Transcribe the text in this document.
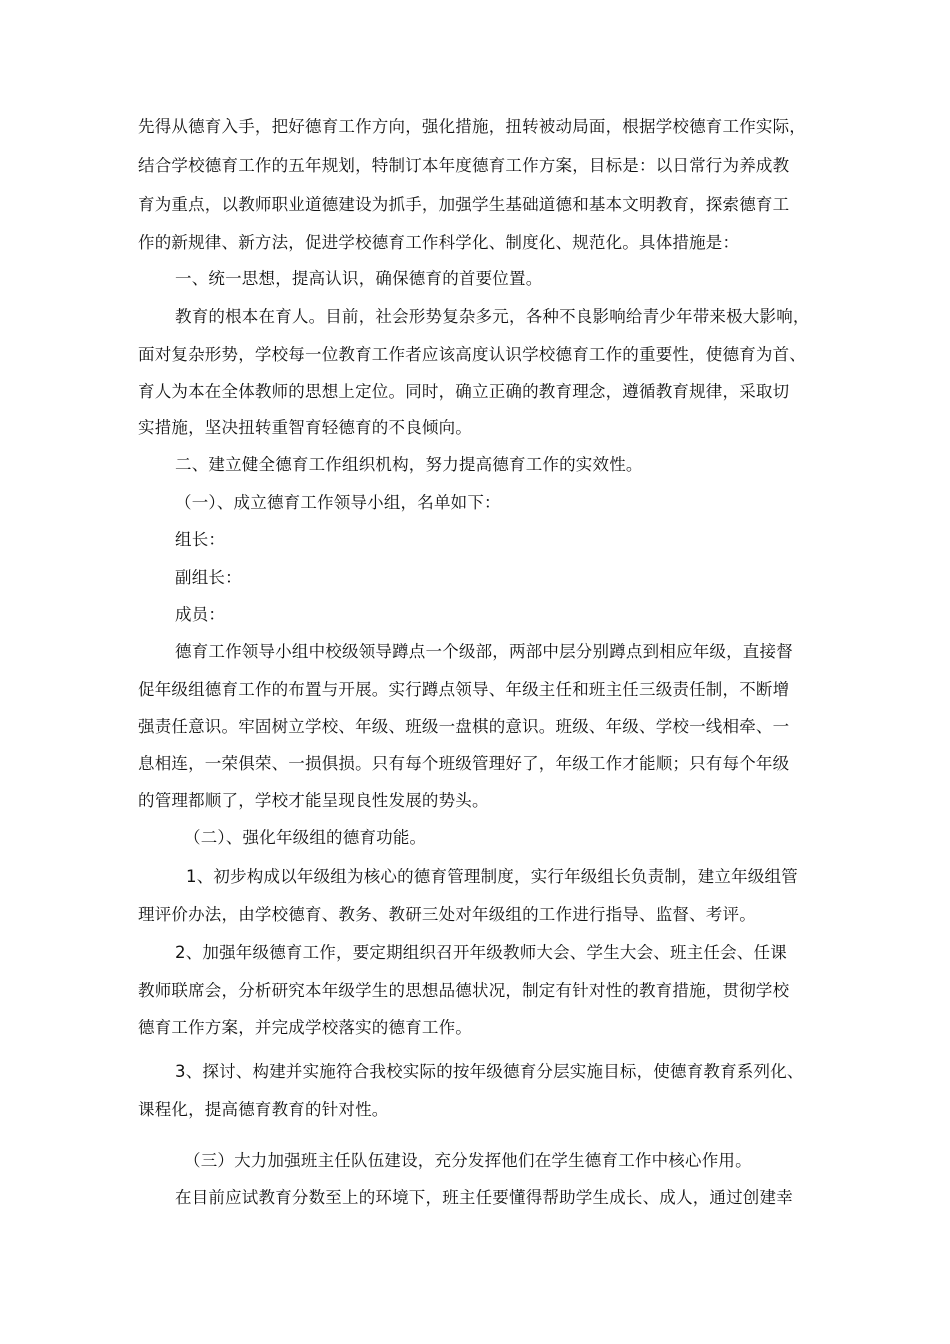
先得从德育入手，把好德育工作方向，强化措施，扭转被动局面，根据学校德育工作实际，
结合学校德育工作的五年规划，特制订本年度德育工作方案，目标是：以日常行为养成教
育为重点，以教师职业道德建设为抓手，加强学生基础道德和基本文明教育，探索德育工
作的新规律、新方法，促进学校德育工作科学化、制度化、规范化。具体措施是：
一、统一思想，提高认识，确保德育的首要位置。
教育的根本在育人。目前，社会形势复杂多元，各种不良影响给青少年带来极大影响，
面对复杂形势，学校每一位教育工作者应该高度认识学校德育工作的重要性，使德育为首、
育人为本在全体教师的思想上定位。同时，确立正确的教育理念，遵循教育规律，采取切
实措施，坚决扭转重智育轻德育的不良倾向。
二、建立健全德育工作组织机构，努力提高德育工作的实效性。
（一）、成立德育工作领导小组，名单如下：
组长：
副组长：
成员：
德育工作领导小组中校级领导蹲点一个级部，两部中层分别蹲点到相应年级，直接督
促年级组德育工作的布置与开展。实行蹲点领导、年级主任和班主任三级责任制，不断增
强责任意识。牢固树立学校、年级、班级一盘棋的意识。班级、年级、学校一线相牵、一
息相连，一荣俱荣、一损俱损。只有每个班级管理好了，年级工作才能顺；只有每个年级
的管理都顺了，学校才能呈现良性发展的势头。
（二）、强化年级组的德育功能。
1、初步构成以年级组为核心的德育管理制度，实行年级组长负责制，建立年级组管
理评价办法，由学校德育、教务、教研三处对年级组的工作进行指导、监督、考评。
2、加强年级德育工作，要定期组织召开年级教师大会、学生大会、班主任会、任课
教师联席会，分析研究本年级学生的思想品德状况，制定有针对性的教育措施，贯彻学校
德育工作方案，并完成学校落实的德育工作。
3、探讨、构建并实施符合我校实际的按年级德育分层实施目标，使德育教育系列化、
课程化，提高德育教育的针对性。
（三）大力加强班主任队伍建设，充分发挥他们在学生德育工作中核心作用。
在目前应试教育分数至上的环境下，班主任要懂得帮助学生成长、成人，通过创建幸
